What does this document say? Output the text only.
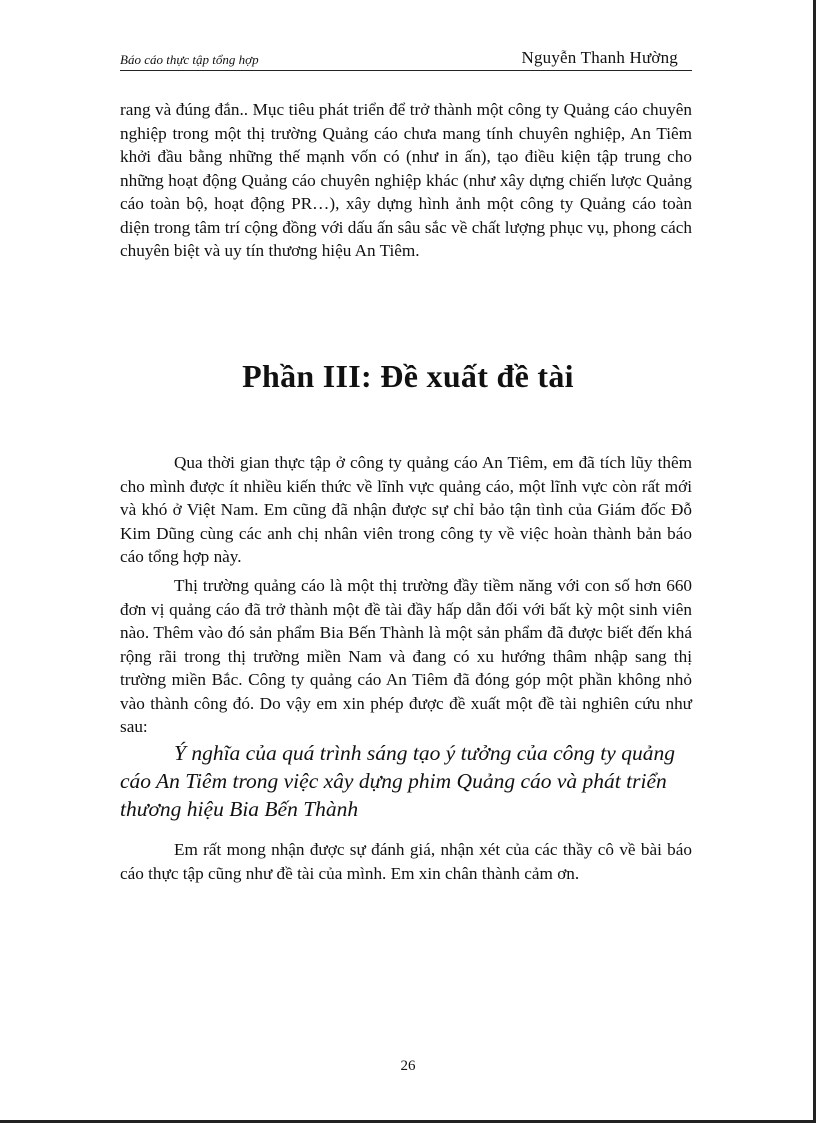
Báo cáo thực tập tổng hợp	Nguyễn Thanh Hường

rang và đúng đắn.. Mục tiêu phát triển để trở thành một công ty Quảng cáo chuyên nghiệp trong một thị trường Quảng cáo chưa mang tính chuyên nghiệp, An Tiêm khởi đầu bằng những thế mạnh vốn có (như in ấn), tạo điều kiện tập trung cho những hoạt động Quảng cáo chuyên nghiệp khác (như xây dựng chiến lược Quảng cáo toàn bộ, hoạt động PR…), xây dựng hình ảnh một công ty Quảng cáo toàn diện trong tâm trí cộng đồng với dấu ấn sâu sắc về chất lượng phục vụ, phong cách chuyên biệt và uy tín thương hiệu An Tiêm.

Phần III: Đề xuất đề tài

Qua thời gian thực tập ở công ty quảng cáo An Tiêm, em đã tích lũy thêm cho mình được ít nhiều kiến thức về lĩnh vực quảng cáo, một lĩnh vực còn rất mới và khó ở Việt Nam. Em cũng đã nhận được sự chỉ bảo tận tình của Giám đốc Đỗ Kim Dũng cùng các anh chị nhân viên trong công ty về việc hoàn thành bản báo cáo tổng hợp này.

Thị trường quảng cáo là một thị trường đầy tiềm năng với con số hơn 660 đơn vị quảng cáo đã trở thành một đề tài đầy hấp dẫn đối với bất kỳ một sinh viên nào. Thêm vào đó sản phẩm Bia Bến Thành là một sản phẩm đã được biết đến khá rộng rãi trong thị trường miền Nam và đang có xu hướng thâm nhập sang thị trường miền Bắc. Công ty quảng cáo An Tiêm đã đóng góp một phần không nhỏ vào thành công đó. Do vậy em xin phép được đề xuất một đề tài nghiên cứu như sau:

Ý nghĩa của quá trình sáng tạo ý tưởng của công ty quảng cáo An Tiêm trong việc xây dựng phim Quảng cáo và phát triển thương hiệu Bia Bến Thành

Em rất mong nhận được sự đánh giá, nhận xét của các thầy cô về bài báo cáo thực tập cũng như đề tài của mình. Em xin chân thành cảm ơn.

26
